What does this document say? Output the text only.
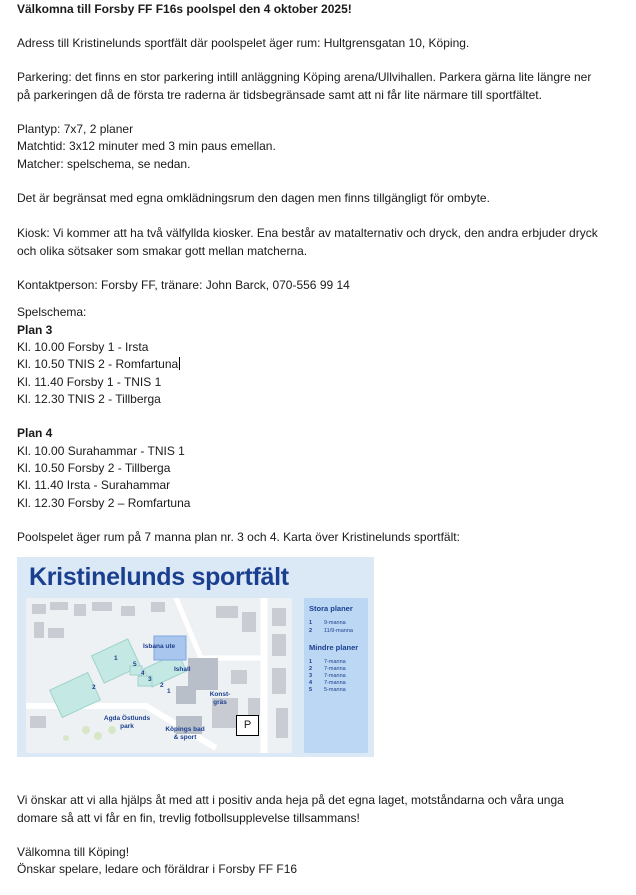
Välkomna till Forsby FF F16s poolspel den 4 oktober 2025!
Adress till Kristinelunds sportfält där poolspelet äger rum: Hultgrensgatan 10, Köping.
Parkering: det finns en stor parkering intill anläggning Köping arena/Ullvihallen. Parkera gärna lite längre ner på parkeringen då de första tre raderna är tidsbegränsade samt att ni får lite närmare till sportfältet.
Plantyp: 7x7, 2 planer
Matchtid: 3x12 minuter med 3 min paus emellan.
Matcher: spelschema, se nedan.
Det är begränsat med egna omklädningsrum den dagen men finns tillgängligt för ombyte.
Kiosk: Vi kommer att ha två välfyllda kiosker. Ena består av matalternativ och dryck, den andra erbjuder dryck och olika sötsaker som smakar gott mellan matcherna.
Kontaktperson: Forsby FF, tränare: John Barck, 070-556 99 14
Spelschema:
Plan 3
Kl. 10.00 Forsby 1 - Irsta
Kl. 10.50 TNIS 2 - Romfartuna
Kl. 11.40 Forsby 1 - TNIS 1
Kl. 12.30 TNIS 2 - Tillberga
Plan 4
Kl. 10.00 Surahammar - TNIS 1
Kl. 10.50 Forsby 2 - Tillberga
Kl. 11.40 Irsta - Surahammar
Kl. 12.30 Forsby 2 – Romfartuna
Poolspelet äger rum på 7 manna plan nr. 3 och 4. Karta över Kristinelunds sportfält:
Vi önskar att vi alla hjälps åt med att i positiv anda heja på det egna laget, motståndarna och våra unga domare så att vi får en fin, trevlig fotbollsupplevelse tillsammans!
Välkomna till Köping!
Önskar spelare, ledare och föräldrar i Forsby FF F16
Kristinelunds sportfält
Isbana ute
Ishall
Konst-gräs
Agda Östlunds park	Köpings bad & sport
1
2
1
2
3
4
5
Stora planer
1 9-manna
2 11/9-manna
Mindre planer
1 7-manna
2 7-manna
3 7-manna
4 7-manna
5 5-manna
P
